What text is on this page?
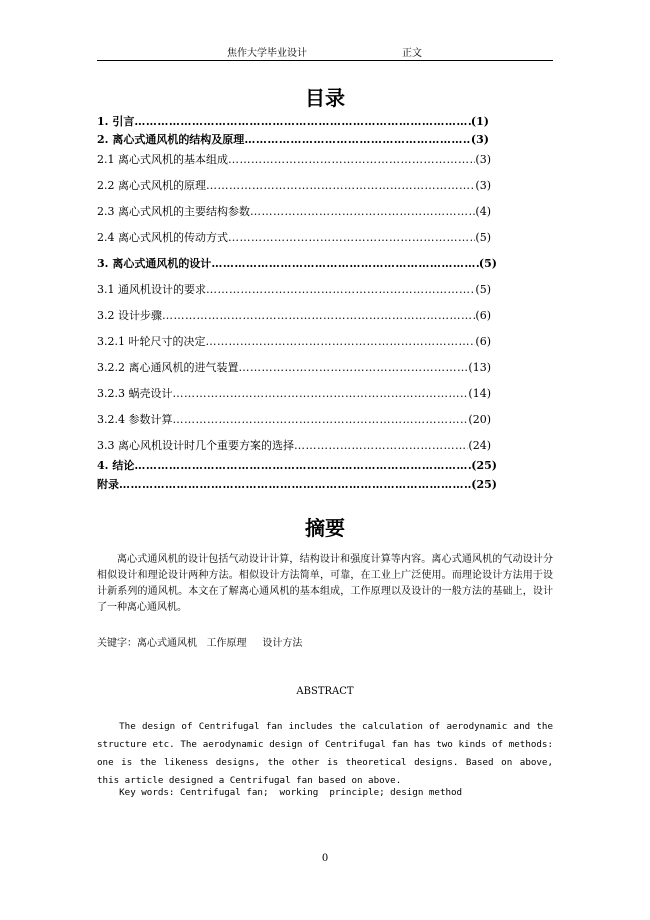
焦作大学毕业设计	正文
目录
1. 引言 …………………………………………………………………………………………………………………………………………………………………………………………………………	(1)
2. 离心式通风机的结构及原理 …………………………………………………………………………………………………………………………………………………………………………………………………………	(3)
2.1 离心式风机的基本组成 …………………………………………………………………………………………………………………………………………………………………………………………………………	(3)
2.2 离心式风机的原理 …………………………………………………………………………………………………………………………………………………………………………………………………………	(3)
2.3 离心式风机的主要结构参数 …………………………………………………………………………………………………………………………………………………………………………………………………………	(4)
2.4 离心式风机的传动方式 …………………………………………………………………………………………………………………………………………………………………………………………………………	(5)
3. 离心式通风机的设计 …………………………………………………………………………………………………………………………………………………………………………………………………………	(5)
3.1 通风机设计的要求 …………………………………………………………………………………………………………………………………………………………………………………………………………	(5)
3.2 设计步骤 …………………………………………………………………………………………………………………………………………………………………………………………………………	(6)
3.2.1 叶轮尺寸的决定 …………………………………………………………………………………………………………………………………………………………………………………………………………	(6)
3.2.2 离心通风机的进气装置 …………………………………………………………………………………………………………………………………………………………………………………………………………	(13)
3.2.3 蜗壳设计 …………………………………………………………………………………………………………………………………………………………………………………………………………	(14)
3.2.4 参数计算 …………………………………………………………………………………………………………………………………………………………………………………………………………	(20)
3.3 离心风机设计时几个重要方案的选择 …………………………………………………………………………………………………………………………………………………………………………………………………………	(24)
4. 结论 …………………………………………………………………………………………………………………………………………………………………………………………………………	(25)
附录 …………………………………………………………………………………………………………………………………………………………………………………………………………	(25)
摘要

离心式通风机的设计包括气动设计计算，结构设计和强度计算等内容。离心式通风机的气动设计分相似设计和理论设计两种方法。相似设计方法简单，可靠，在工业上广泛使用。而理论设计方法用于设计新系列的通风机。本文在了解离心通风机的基本组成，工作原理以及设计的一般方法的基础上，设计了一种离心通风机。

关键字：离心式通风机   工作原理     设计方法
ABSTRACT

The design of Centrifugal fan includes the calculation of aerodynamic and the structure etc. The aerodynamic design of Centrifugal fan has two kinds of methods: one is the likeness designs, the other is theoretical designs. Based on above, this article designed a Centrifugal fan based on above.

Key words: Centrifugal fan;  working  principle; design method
0
